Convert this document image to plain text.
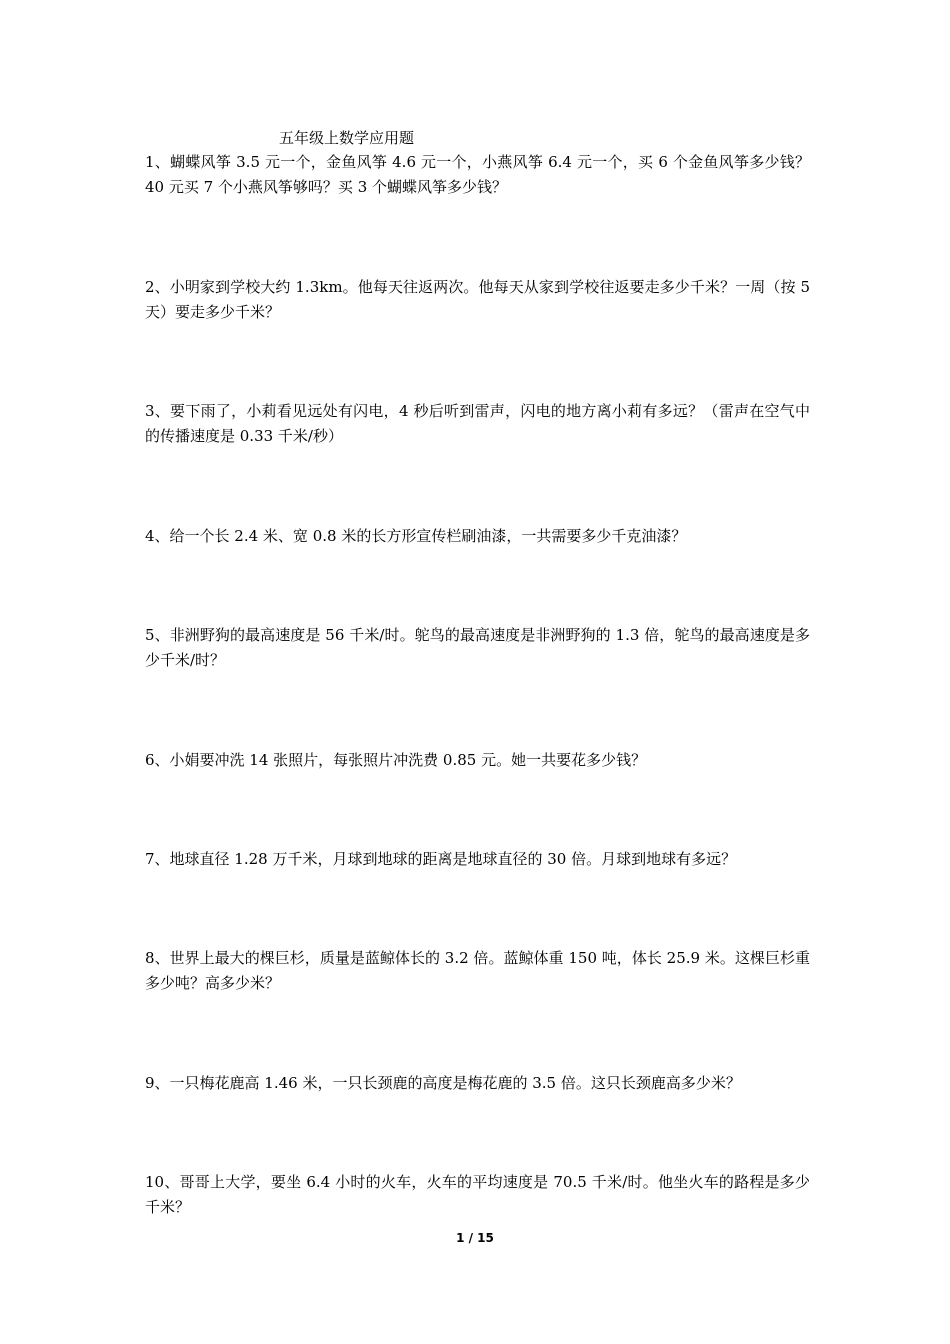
五年级上数学应用题
1、蝴蝶风筝 3.5 元一个，金鱼风筝 4.6 元一个，小燕风筝 6.4 元一个，买 6 个金鱼风筝多少钱？40 元买 7 个小燕风筝够吗？买 3 个蝴蝶风筝多少钱？
2、小明家到学校大约 1.3km。他每天往返两次。他每天从家到学校往返要走多少千米？一周（按 5 天）要走多少千米？
3、要下雨了，小莉看见远处有闪电，4 秒后听到雷声，闪电的地方离小莉有多远？（雷声在空气中的传播速度是 0.33 千米/秒）
4、给一个长 2.4 米、宽 0.8 米的长方形宣传栏刷油漆，一共需要多少千克油漆？
5、非洲野狗的最高速度是 56 千米/时。鸵鸟的最高速度是非洲野狗的 1.3 倍，鸵鸟的最高速度是多少千米/时？
6、小娟要冲洗 14 张照片，每张照片冲洗费 0.85 元。她一共要花多少钱？
7、地球直径 1.28 万千米，月球到地球的距离是地球直径的 30 倍。月球到地球有多远？
8、世界上最大的棵巨杉，质量是蓝鲸体长的 3.2 倍。蓝鲸体重 150 吨，体长 25.9 米。这棵巨杉重多少吨？高多少米？
9、一只梅花鹿高 1.46 米，一只长颈鹿的高度是梅花鹿的 3.5 倍。这只长颈鹿高多少米？
10、哥哥上大学，要坐 6.4 小时的火车，火车的平均速度是 70.5 千米/时。他坐火车的路程是多少千米？
1 / 15
